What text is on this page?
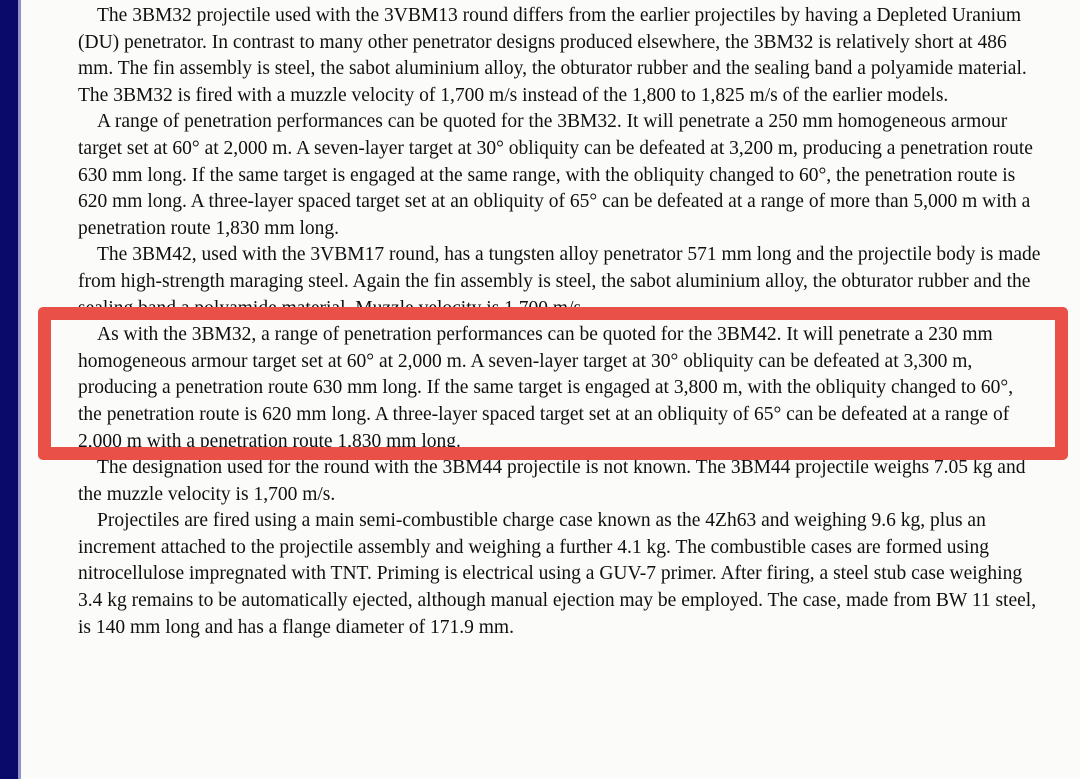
The 3BM32 projectile used with the 3VBM13 round differs from the earlier projectiles by having a Depleted Uranium (DU) penetrator. In contrast to many other penetrator designs produced elsewhere, the 3BM32 is relatively short at 486 mm. The fin assembly is steel, the sabot aluminium alloy, the obturator rubber and the sealing band a polyamide material. The 3BM32 is fired with a muzzle velocity of 1,700 m/s instead of the 1,800 to 1,825 m/s of the earlier models.

A range of penetration performances can be quoted for the 3BM32. It will penetrate a 250 mm homogeneous armour target set at 60° at 2,000 m. A seven-layer target at 30° obliquity can be defeated at 3,200 m, producing a penetration route 630 mm long. If the same target is engaged at the same range, with the obliquity changed to 60°, the penetration route is 620 mm long. A three-layer spaced target set at an obliquity of 65° can be defeated at a range of more than 5,000 m with a penetration route 1,830 mm long.

The 3BM42, used with the 3VBM17 round, has a tungsten alloy penetrator 571 mm long and the projectile body is made from high-strength maraging steel. Again the fin assembly is steel, the sabot aluminium alloy, the obturator rubber and the sealing band a polyamide material. Muzzle velocity is 1,700 m/s.

As with the 3BM32, a range of penetration performances can be quoted for the 3BM42. It will penetrate a 230 mm homogeneous armour target set at 60° at 2,000 m. A seven-layer target at 30° obliquity can be defeated at 3,300 m, producing a penetration route 630 mm long. If the same target is engaged at 3,800 m, with the obliquity changed to 60°, the penetration route is 620 mm long. A three-layer spaced target set at an obliquity of 65° can be defeated at a range of 2,000 m with a penetration route 1,830 mm long.

The designation used for the round with the 3BM44 projectile is not known. The 3BM44 projectile weighs 7.05 kg and the muzzle velocity is 1,700 m/s.

Projectiles are fired using a main semi-combustible charge case known as the 4Zh63 and weighing 9.6 kg, plus an increment attached to the projectile assembly and weighing a further 4.1 kg. The combustible cases are formed using nitrocellulose impregnated with TNT. Priming is electrical using a GUV-7 primer. After firing, a steel stub case weighing 3.4 kg remains to be automatically ejected, although manual ejection may be employed. The case, made from BW 11 steel, is 140 mm long and has a flange diameter of 171.9 mm.
